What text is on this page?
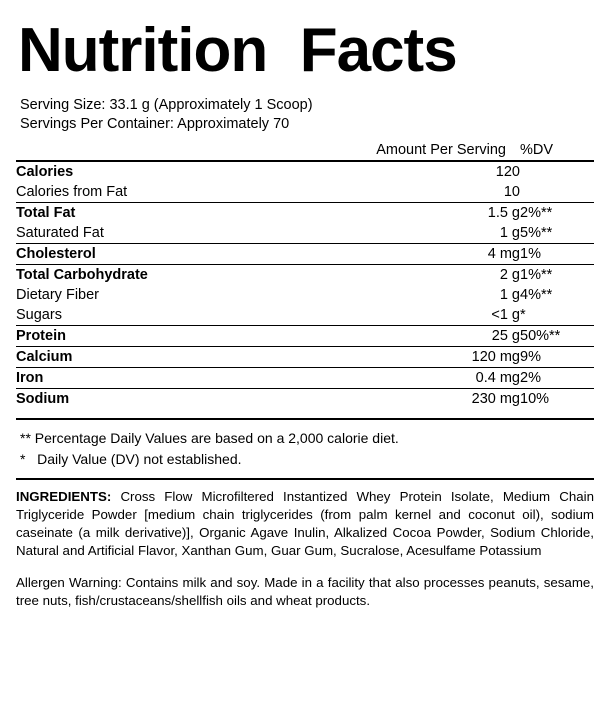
Nutrition  Facts
Serving Size: 33.1 g (Approximately 1 Scoop)
Servings Per Container: Approximately 70
	Amount Per Serving	%DV
Calories	120	
Calories from Fat	10	
Total Fat	1.5 g	2%**
Saturated Fat	1 g	5%**
Cholesterol	4 mg	1%
Total Carbohydrate	2 g	1%**
Dietary Fiber	1 g	4%**
Sugars	<1 g	*
Protein	25 g	50%**
Calcium	120 mg	9%
Iron	0.4 mg	2%
Sodium	230 mg	10%
** Percentage Daily Values are based on a 2,000 calorie diet.
*   Daily Value (DV) not established.
INGREDIENTS: Cross Flow Microfiltered Instantized Whey Protein Isolate, Medium Chain Triglyceride Powder [medium chain triglycerides (from palm kernel and coconut oil), sodium caseinate (a milk derivative)], Organic Agave Inulin, Alkalized Cocoa Powder, Sodium Chloride, Natural and Artificial Flavor, Xanthan Gum, Guar Gum, Sucralose, Acesulfame Potassium
Allergen Warning: Contains milk and soy. Made in a facility that also processes peanuts, sesame, tree nuts, fish/crustaceans/shellfish oils and wheat products.
